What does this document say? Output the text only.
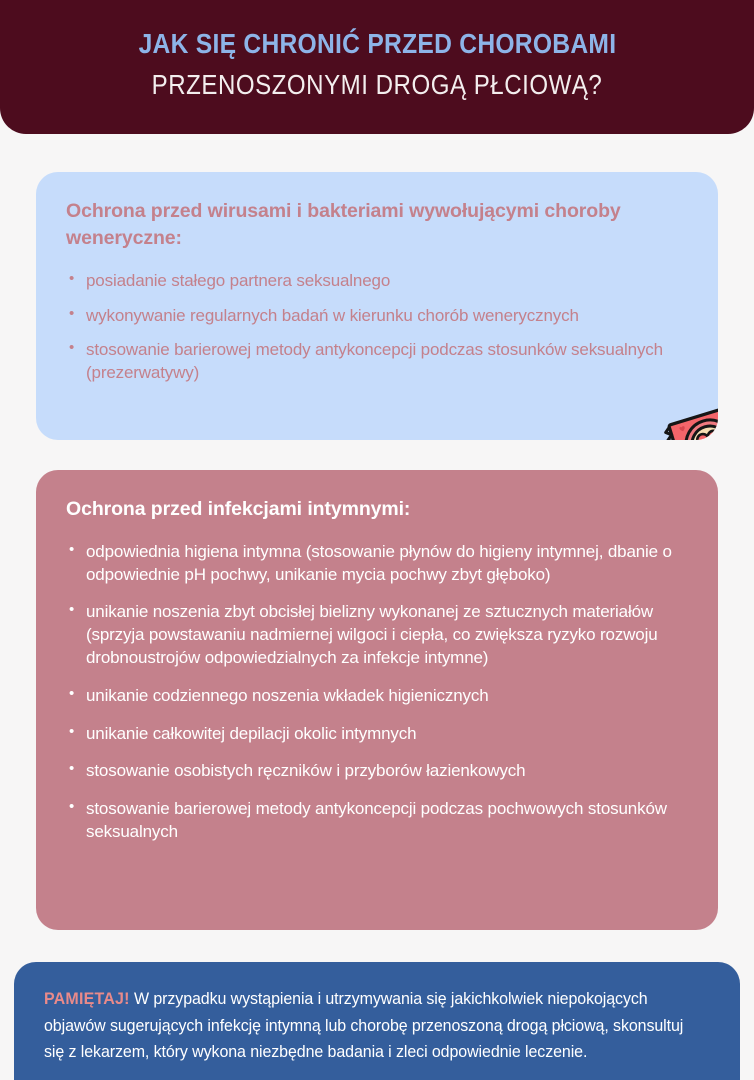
JAK SIĘ CHRONIĆ PRZED CHOROBAMI
PRZENOSZONYMI DROGĄ PŁCIOWĄ?
Ochrona przed wirusami i bakteriami wywołującymi choroby weneryczne:
• posiadanie stałego partnera seksualnego
• wykonywanie regularnych badań w kierunku chorób wenerycznych
• stosowanie barierowej metody antykoncepcji podczas stosunków seksualnych (prezerwatywy)
Ochrona przed infekcjami intymnymi:
• odpowiednia higiena intymna (stosowanie płynów do higieny intymnej, dbanie o odpowiednie pH pochwy, unikanie mycia pochwy zbyt głęboko)
• unikanie noszenia zbyt obcisłej bielizny wykonanej ze sztucznych materiałów (sprzyja powstawaniu nadmiernej wilgoci i ciepła, co zwiększa ryzyko rozwoju drobnoustrojów odpowiedzialnych za infekcje intymne)
• unikanie codziennego noszenia wkładek higienicznych
• unikanie całkowitej depilacji okolic intymnych
• stosowanie osobistych ręczników i przyborów łazienkowych
• stosowanie barierowej metody antykoncepcji podczas pochwowych stosunków seksualnych
PAMIĘTAJ! W przypadku wystąpienia i utrzymywania się jakichkolwiek niepokojących objawów sugerujących infekcję intymną lub chorobę przenoszoną drogą płciową, skonsultuj się z lekarzem, który wykona niezbędne badania i zleci odpowiednie leczenie.
